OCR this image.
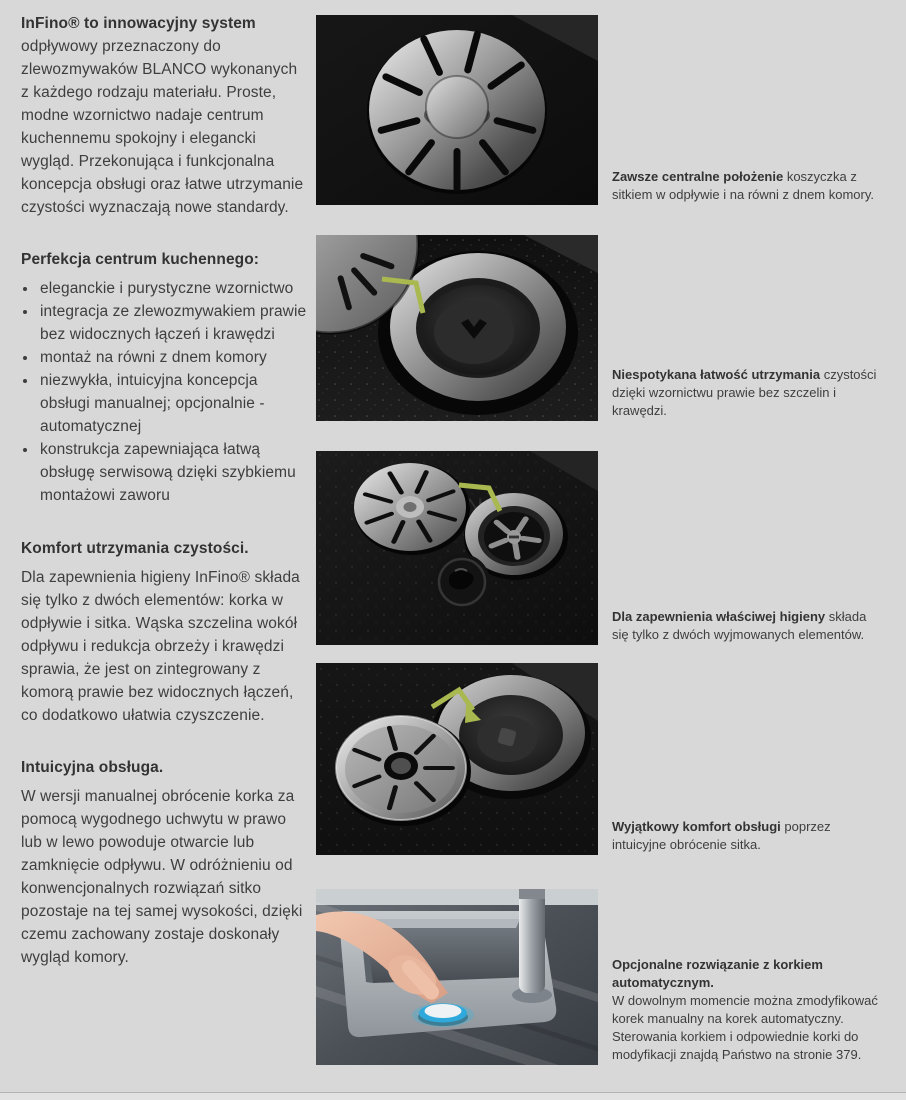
InFino® to innowacyjny system odpływowy przeznaczony do zlewozmywaków BLANCO wykonanych z każdego rodzaju materiału. Proste, modne wzornictwo nadaje centrum kuchennemu spokojny i elegancki wygląd. Przekonująca i funkcjonalna koncepcja obsługi oraz łatwe utrzymanie czystości wyznaczają nowe standardy.

Perfekcja centrum kuchennego:
• eleganckie i purystyczne wzornictwo
• integracja ze zlewozmywakiem prawie bez widocznych łączeń i krawędzi
• montaż na równi z dnem komory
• niezwykła, intuicyjna koncepcja obsługi manualnej; opcjonalnie - automatycznej
• konstrukcja zapewniająca łatwą obsługę serwisową dzięki szybkiemu montażowi zaworu
Komfort utrzymania czystości.

Dla zapewnienia higieny InFino® składa się tylko z dwóch elementów: korka w odpływie i sitka. Wąska szczelina wokół odpływu i redukcja obrzeży i krawędzi sprawia, że jest on zintegrowany z komorą prawie bez widocznych łączeń, co dodatkowo ułatwia czyszczenie.

Intuicyjna obsługa.

W wersji manualnej obrócenie korka za pomocą wygodnego uchwytu w prawo lub w lewo powoduje otwarcie lub zamknięcie odpływu. W odróżnieniu od konwencjonalnych rozwiązań sitko pozostaje na tej samej wysokości, dzięki czemu zachowany zostaje doskonały wygląd komory.

Zawsze centralne położenie koszyczka z sitkiem w odpływie i na równi z dnem komory.
Niespotykana łatwość utrzymania czystości dzięki wzornictwu prawie bez szczelin i krawędzi.
Dla zapewnienia właściwej higieny składa się tylko z dwóch wyjmowanych elementów.
Wyjątkowy komfort obsługi poprzez intuicyjne obrócenie sitka.
Opcjonalne rozwiązanie z korkiem automatycznym.
W dowolnym momencie można zmodyfikować korek manualny na korek automatyczny. Sterowania korkiem i odpowiednie korki do modyfikacji znajdą Państwo na stronie 379.
